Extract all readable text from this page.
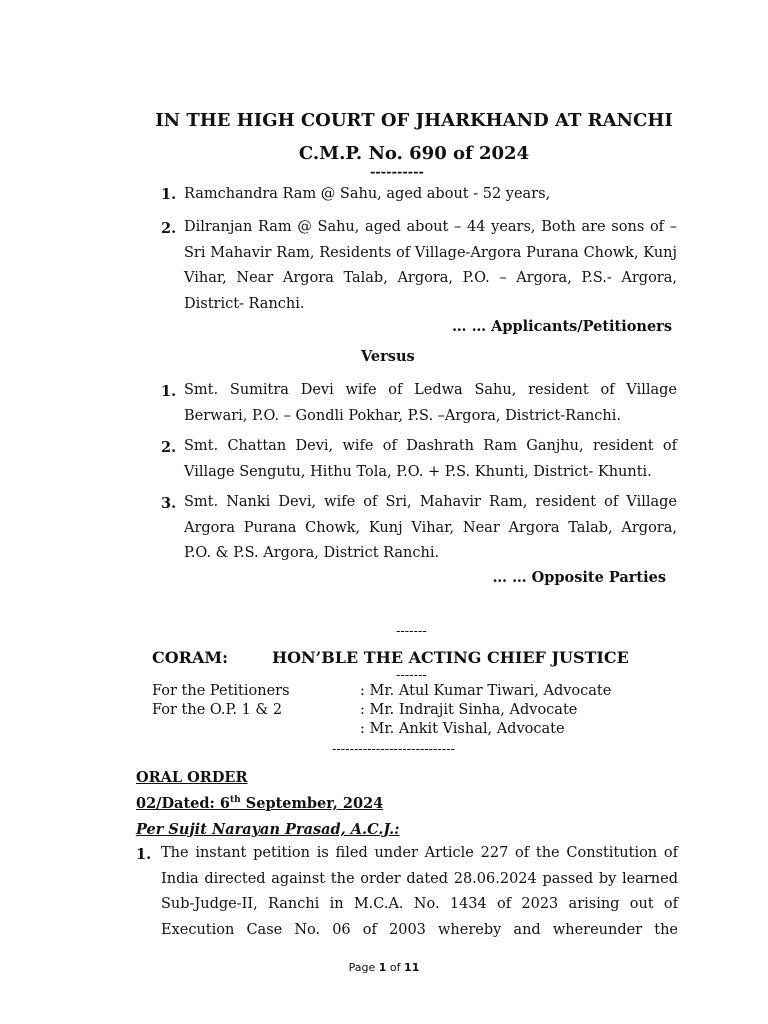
IN THE HIGH COURT OF JHARKHAND AT RANCHI
C.M.P. No. 690 of 2024
----------
1. Ramchandra Ram @ Sahu, aged about - 52 years,
2. Dilranjan Ram @ Sahu, aged about – 44 years, Both are sons of –
Sri Mahavir Ram, Residents of Village-Argora Purana Chowk, Kunj
Vihar, Near Argora Talab, Argora, P.O. – Argora, P.S.- Argora,
District- Ranchi.
… … Applicants/Petitioners
Versus
1. Smt. Sumitra Devi wife of Ledwa Sahu, resident of Village
Berwari, P.O. – Gondli Pokhar, P.S. –Argora, District-Ranchi.
2. Smt. Chattan Devi, wife of Dashrath Ram Ganjhu, resident of
Village Sengutu, Hithu Tola, P.O. + P.S. Khunti, District- Khunti.
3. Smt. Nanki Devi, wife of Sri, Mahavir Ram, resident of Village
Argora Purana Chowk, Kunj Vihar, Near Argora Talab, Argora,
P.O. & P.S. Argora, District Ranchi.
… … Opposite Parties
-------
CORAM:	HON’BLE THE ACTING CHIEF JUSTICE
-------
For the Petitioners	: Mr. Atul Kumar Tiwari, Advocate
For the O.P. 1 & 2	: Mr. Indrajit Sinha, Advocate
: Mr. Ankit Vishal, Advocate
----------------------------
ORAL ORDER
02/Dated: 6th September, 2024
Per Sujit Narayan Prasad, A.C.J.:
1. The instant petition is filed under Article 227 of the Constitution of
India directed against the order dated 28.06.2024 passed by learned
Sub-Judge-II, Ranchi in M.C.A. No. 1434 of 2023 arising out of
Execution Case No. 06 of 2003 whereby and whereunder the
Page 1 of 11
